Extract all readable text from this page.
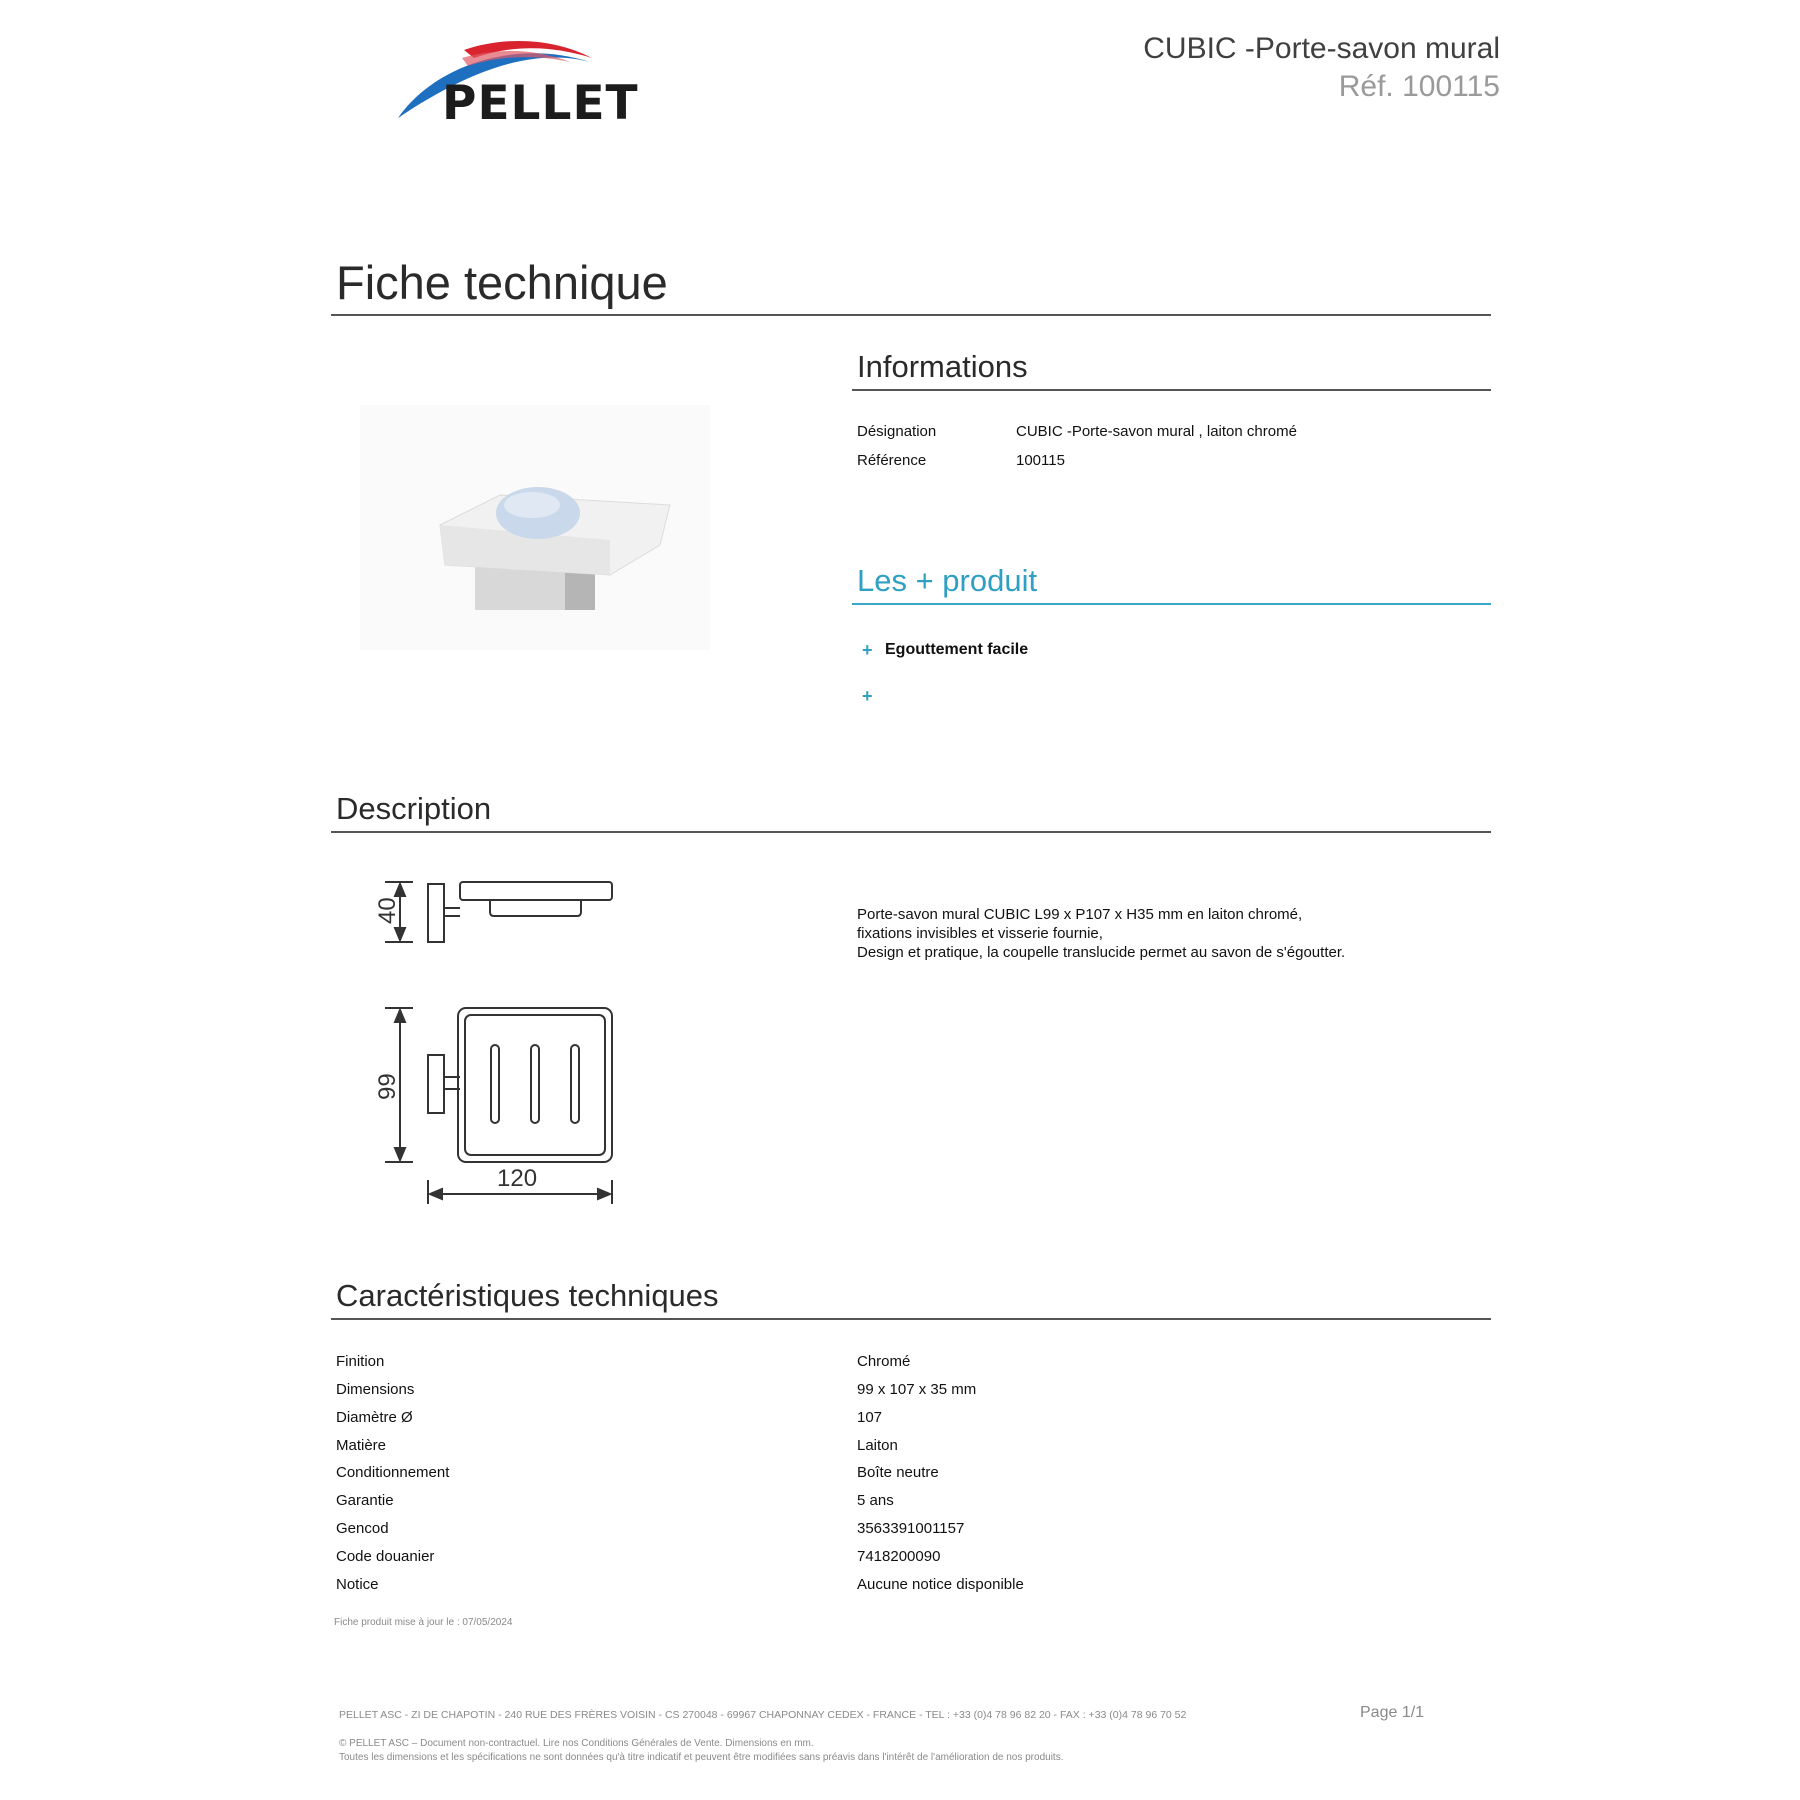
PELLET
CUBIC -Porte-savon mural
Réf. 100115
Fiche technique
Informations
Désignation	CUBIC -Porte-savon mural , laiton chromé
Référence	100115
Les + produit
+ Egouttement facile
+
Description
40
99
120
Porte-savon mural CUBIC L99 x P107 x H35 mm en laiton chromé,
fixations invisibles et visserie fournie,
Design et pratique, la coupelle translucide permet au savon de s'égoutter.
Caractéristiques techniques
Finition	Chromé
Dimensions	99 x 107 x 35 mm
Diamètre Ø	107
Matière	Laiton
Conditionnement	Boîte neutre
Garantie	5 ans
Gencod	3563391001157
Code douanier	7418200090
Notice	Aucune notice disponible
Fiche produit mise à jour le : 07/05/2024
PELLET ASC - ZI DE CHAPOTIN - 240 RUE DES FRÈRES VOISIN - CS 270048 - 69967 CHAPONNAY CEDEX - FRANCE - TEL : +33 (0)4 78 96 82 20 - FAX : +33 (0)4 78 96 70 52	Page 1/1
© PELLET ASC – Document non-contractuel. Lire nos Conditions Générales de Vente. Dimensions en mm.
Toutes les dimensions et les spécifications ne sont données qu'à titre indicatif et peuvent être modifiées sans préavis dans l'intérêt de l'amélioration de nos produits.
